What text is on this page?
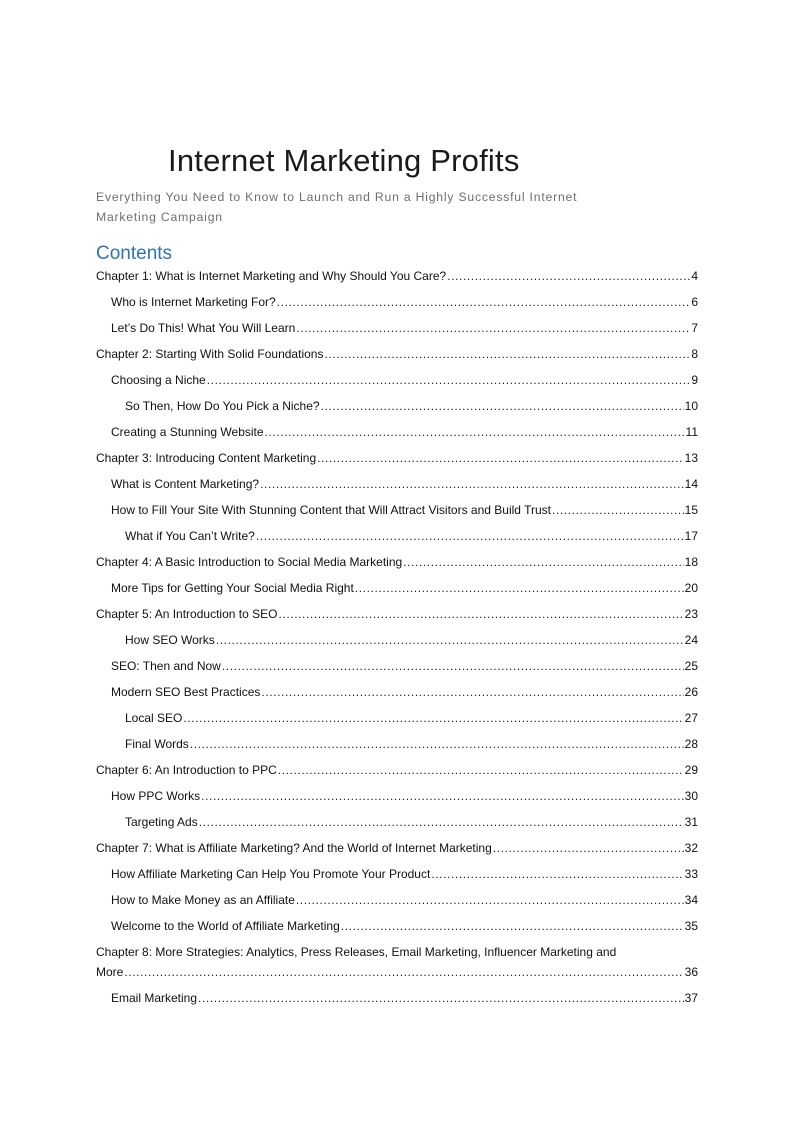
Internet Marketing Profits
Everything You Need to Know to Launch and Run a Highly Successful Internet Marketing Campaign
Contents
Chapter 1: What is Internet Marketing and Why Should You Care? .....	4
Who is Internet Marketing For? .....	6
Let’s Do This! What You Will Learn .....	7
Chapter 2: Starting With Solid Foundations .....	8
Choosing a Niche .....	9
So Then, How Do You Pick a Niche? .....	10
Creating a Stunning Website .....	11
Chapter 3: Introducing Content Marketing .....	13
What is Content Marketing? .....	14
How to Fill Your Site With Stunning Content that Will Attract Visitors and Build Trust .....	15
What if You Can’t Write? .....	17
Chapter 4: A Basic Introduction to Social Media Marketing .....	18
More Tips for Getting Your Social Media Right .....	20
Chapter 5: An Introduction to SEO .....	23
How SEO Works .....	24
SEO: Then and Now .....	25
Modern SEO Best Practices .....	26
Local SEO .....	27
Final Words .....	28
Chapter 6: An Introduction to PPC .....	29
How PPC Works .....	30
Targeting Ads .....	31
Chapter 7: What is Affiliate Marketing? And the World of Internet Marketing .....	32
How Affiliate Marketing Can Help You Promote Your Product .....	33
How to Make Money as an Affiliate .....	34
Welcome to the World of Affiliate Marketing .....	35
Chapter 8: More Strategies: Analytics, Press Releases, Email Marketing, Influencer Marketing and
More .....	36
Email Marketing .....	37
